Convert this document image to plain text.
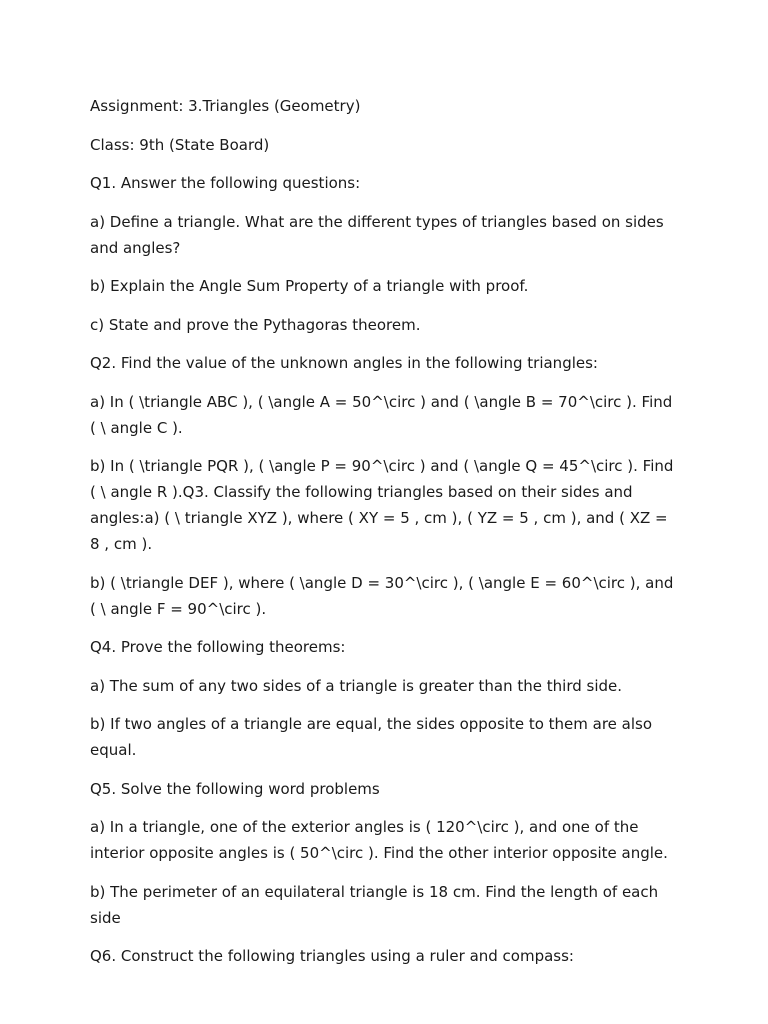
Assignment: 3.Triangles (Geometry)

Class: 9th (State Board)

Q1. Answer the following questions:

a) Define a triangle. What are the different types of triangles based on sides and angles?

b) Explain the Angle Sum Property of a triangle with proof.

c) State and prove the Pythagoras theorem.

Q2. Find the value of the unknown angles in the following triangles:

a) In ( \triangle ABC ), ( \angle A = 50^\circ ) and ( \angle B = 70^\circ ). Find ( \ angle C ).

b) In ( \triangle PQR ), ( \angle P = 90^\circ ) and ( \angle Q = 45^\circ ). Find ( \ angle R ).Q3. Classify the following triangles based on their sides and angles:a) ( \ triangle XYZ ), where ( XY = 5 , cm ), ( YZ = 5 , cm ), and ( XZ = 8 , cm ).

b) ( \triangle DEF ), where ( \angle D = 30^\circ ), ( \angle E = 60^\circ ), and ( \ angle F = 90^\circ ).

Q4. Prove the following theorems:

a) The sum of any two sides of a triangle is greater than the third side.

b) If two angles of a triangle are equal, the sides opposite to them are also equal.

Q5. Solve the following word problems

a) In a triangle, one of the exterior angles is ( 120^\circ ), and one of the interior opposite angles is ( 50^\circ ). Find the other interior opposite angle.

b) The perimeter of an equilateral triangle is 18 cm. Find the length of each side

Q6. Construct the following triangles using a ruler and compass:
